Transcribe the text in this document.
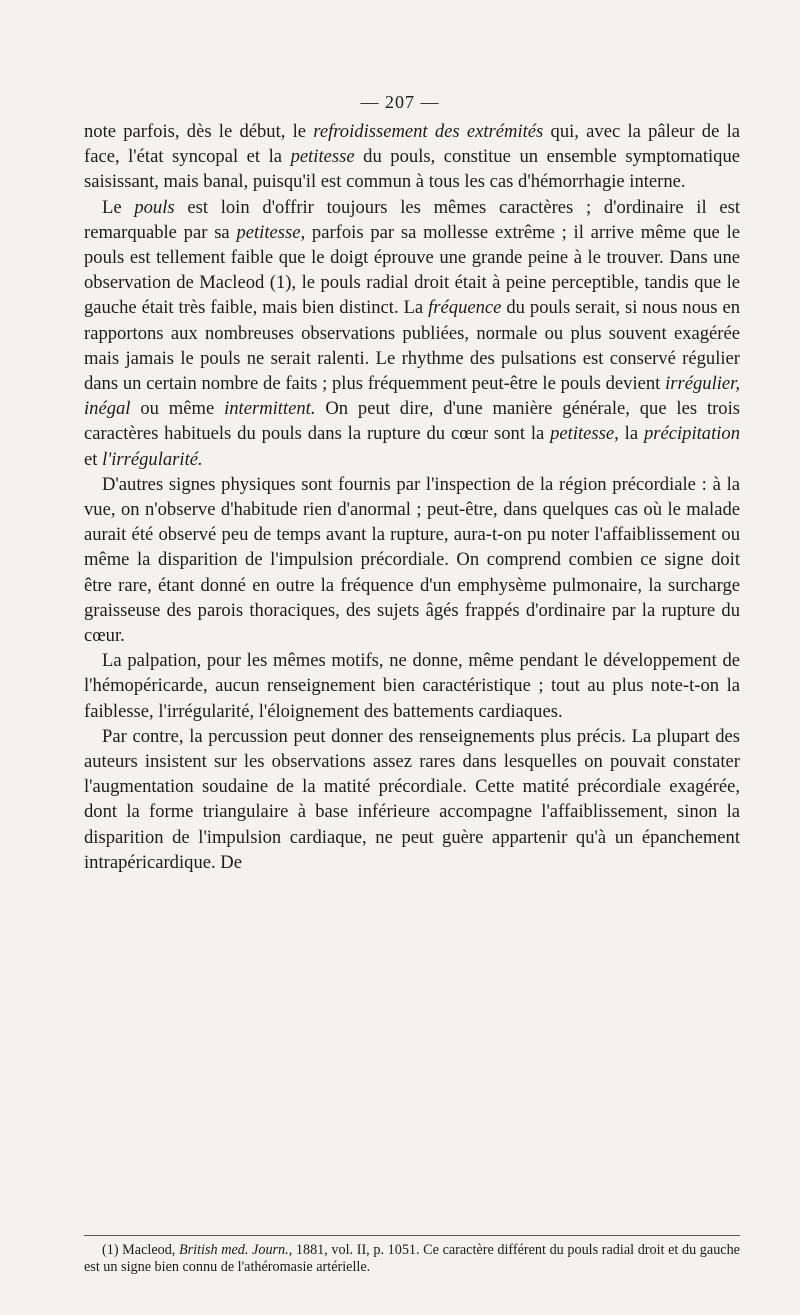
— 207 —

note parfois, dès le début, le refroidissement des extrémités qui, avec la pâleur de la face, l'état syncopal et la petitesse du pouls, constitue un ensemble symptomatique saisissant, mais banal, puisqu'il est commun à tous les cas d'hémorrhagie interne.

Le pouls est loin d'offrir toujours les mêmes caractères ; d'ordinaire il est remarquable par sa petitesse, parfois par sa mollesse extrême ; il arrive même que le pouls est tellement faible que le doigt éprouve une grande peine à le trouver. Dans une observation de Macleod (1), le pouls radial droit était à peine perceptible, tandis que le gauche était très faible, mais bien distinct. La fréquence du pouls serait, si nous nous en rapportons aux nombreuses observations publiées, normale ou plus souvent exagérée mais jamais le pouls ne serait ralenti. Le rhythme des pulsations est conservé régulier dans un certain nombre de faits ; plus fréquemment peut-être le pouls devient irrégulier, inégal ou même intermittent. On peut dire, d'une manière générale, que les trois caractères habituels du pouls dans la rupture du cœur sont la petitesse, la précipitation et l'irrégularité.

D'autres signes physiques sont fournis par l'inspection de la région précordiale : à la vue, on n'observe d'habitude rien d'anormal ; peut-être, dans quelques cas où le malade aurait été observé peu de temps avant la rupture, aura-t-on pu noter l'affaiblissement ou même la disparition de l'impulsion précordiale. On comprend combien ce signe doit être rare, étant donné en outre la fréquence d'un emphysème pulmonaire, la surcharge graisseuse des parois thoraciques, des sujets âgés frappés d'ordinaire par la rupture du cœur.

La palpation, pour les mêmes motifs, ne donne, même pendant le développement de l'hémopéricarde, aucun renseignement bien caractéristique ; tout au plus note-t-on la faiblesse, l'irrégularité, l'éloignement des battements cardiaques.

Par contre, la percussion peut donner des renseignements plus précis. La plupart des auteurs insistent sur les observations assez rares dans lesquelles on pouvait constater l'augmentation soudaine de la matité précordiale. Cette matité précordiale exagérée, dont la forme triangulaire à base inférieure accompagne l'affaiblissement, sinon la disparition de l'impulsion cardiaque, ne peut guère appartenir qu'à un épanchement intrapéricardique. De

(1) Macleod, British med. Journ., 1881, vol. II, p. 1051. Ce caractère différent du pouls radial droit et du gauche est un signe bien connu de l'athéromasie artérielle.
